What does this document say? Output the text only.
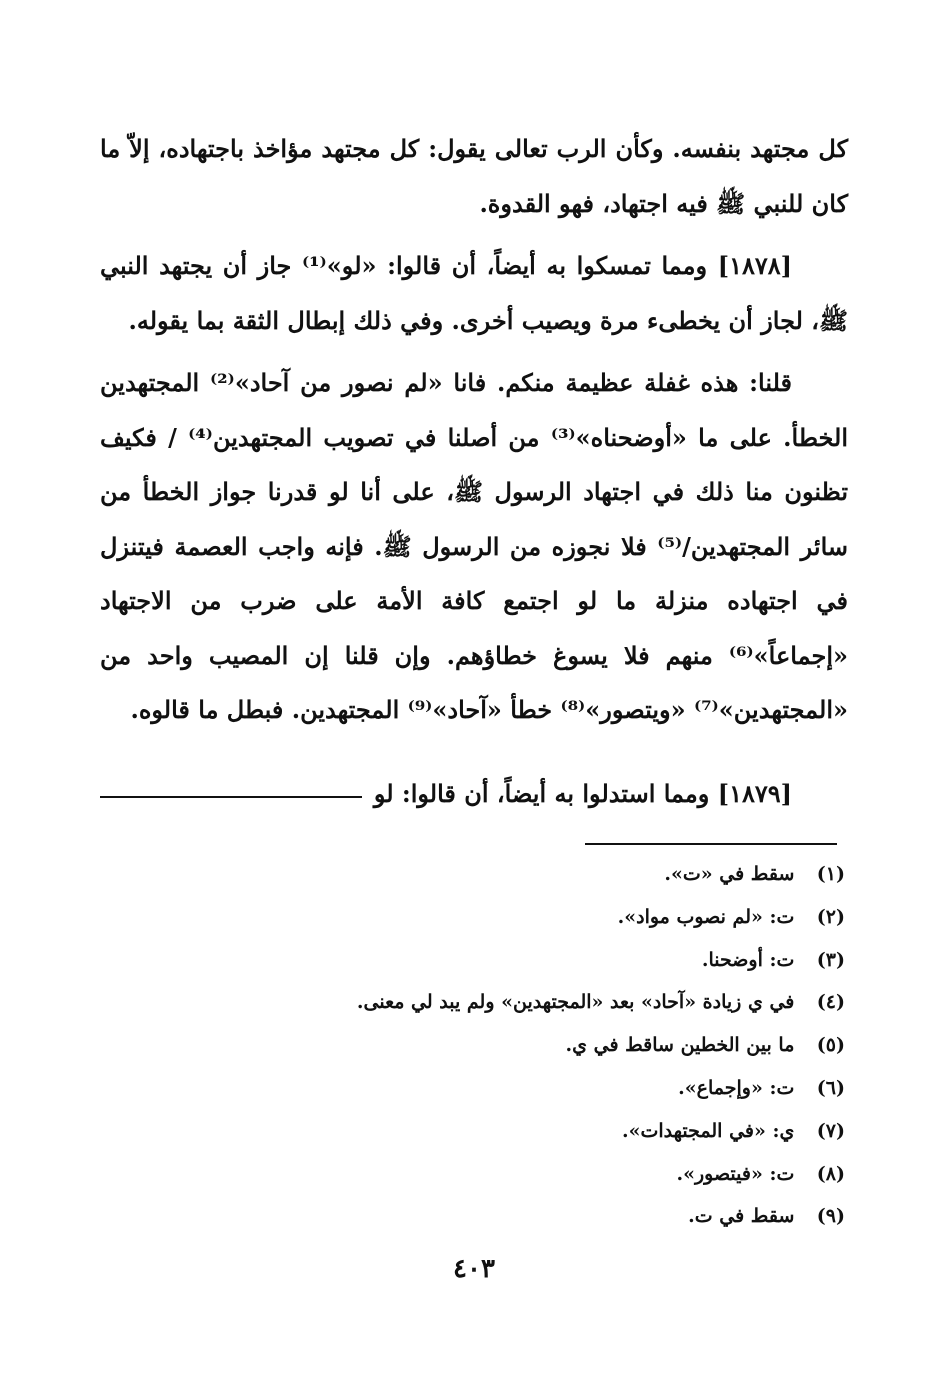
كل مجتهد بنفسه. وكأن الرب تعالى يقول: كل مجتهد مؤاخذ باجتهاده، إلاّ ما كان للنبي ﷺ فيه اجتهاد، فهو القدوة.

[١٨٧٨] ومما تمسكوا به أيضاً، أن قالوا: «لو»⁽¹⁾ جاز أن يجتهد النبي ﷺ، لجاز أن يخطىء مرة ويصيب أخرى. وفي ذلك إبطال الثقة بما يقوله.

قلنا: هذه غفلة عظيمة منكم. فانا «لم نصور من آحاد»⁽²⁾ المجتهدين الخطأ. على ما «أوضحناه»⁽³⁾ من أصلنا في تصويب المجتهدين⁽⁴⁾ / فكيف تظنون منا ذلك في اجتهاد الرسول ﷺ، على أنا لو قدرنا جواز الخطأ من سائر المجتهدين/⁽⁵⁾ فلا نجوزه من الرسول ﷺ. فإنه واجب العصمة فيتنزل في اجتهاده منزلة ما لو اجتمع كافة الأمة على ضرب من الاجتهاد «إجماعاً»⁽⁶⁾ منهم فلا يسوغ خطاؤهم. وإن قلنا إن المصيب واحد من «المجتهدين»⁽⁷⁾ «ويتصور»⁽⁸⁾ خطأ «آحاد»⁽⁹⁾ المجتهدين. فبطل ما قالوه.

[١٨٧٩] ومما استدلوا به أيضاً، أن قالوا: لو
(١) سقط في «ت».
(٢) ت: «لم نصوب مواد».
(٣) ت: أوضحنا.
(٤) في ي زيادة «آحاد» بعد «المجتهدين» ولم يبد لي معنى.
(٥) ما بين الخطين ساقط في ي.
(٦) ت: «وإجماع».
(٧) ي: «في المجتهدات».
(٨) ت: «فيتصور».
(٩) سقط في ت.
٤٠٣
